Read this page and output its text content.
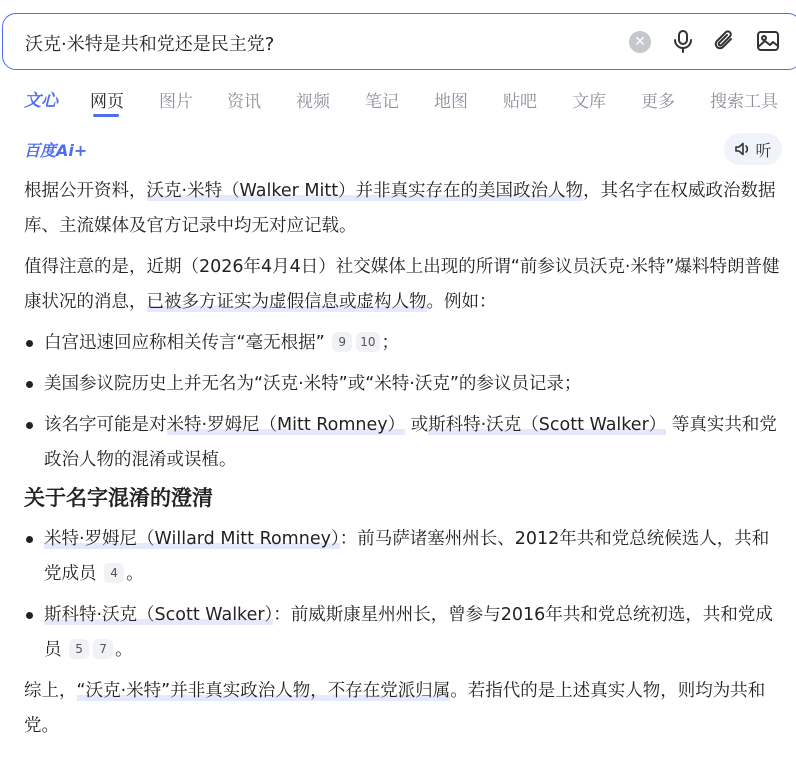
沃克·米特是共和党还是民主党?	✕
文心 网页 图片 资讯 视频 笔记 地图 贴吧 文库 更多 搜索工具
百度Ai+	听

根据公开资料，沃克·米特（Walker Mitt）并非真实存在的美国政治人物，其名字在权威政治数据库、主流媒体及官方记录中均无对应记载。

值得注意的是，近期（2026年4月4日）社交媒体上出现的所谓“前参议员沃克·米特”爆料特朗普健康状况的消息，已被多方证实为虚假信息或虚构人物。例如：

白宫迅速回应称相关传言“毫无根据” 9 10 ；
美国参议院历史上并无名为“沃克·米特”或“米特·沃克”的参议员记录；
该名字可能是对米特·罗姆尼（Mitt Romney） 或斯科特·沃克（Scott Walker） 等真实共和党政治人物的混淆或误植。
关于名字混淆的澄清
米特·罗姆尼（Willard Mitt Romney）：前马萨诸塞州州长、2012年共和党总统候选人，共和党成员 4 。
斯科特·沃克（Scott Walker）：前威斯康星州州长，曾参与2016年共和党总统初选，共和党成员 5 7 。

综上，“沃克·米特”并非真实政治人物，不存在党派归属。若指代的是上述真实人物，则均为共和党。
